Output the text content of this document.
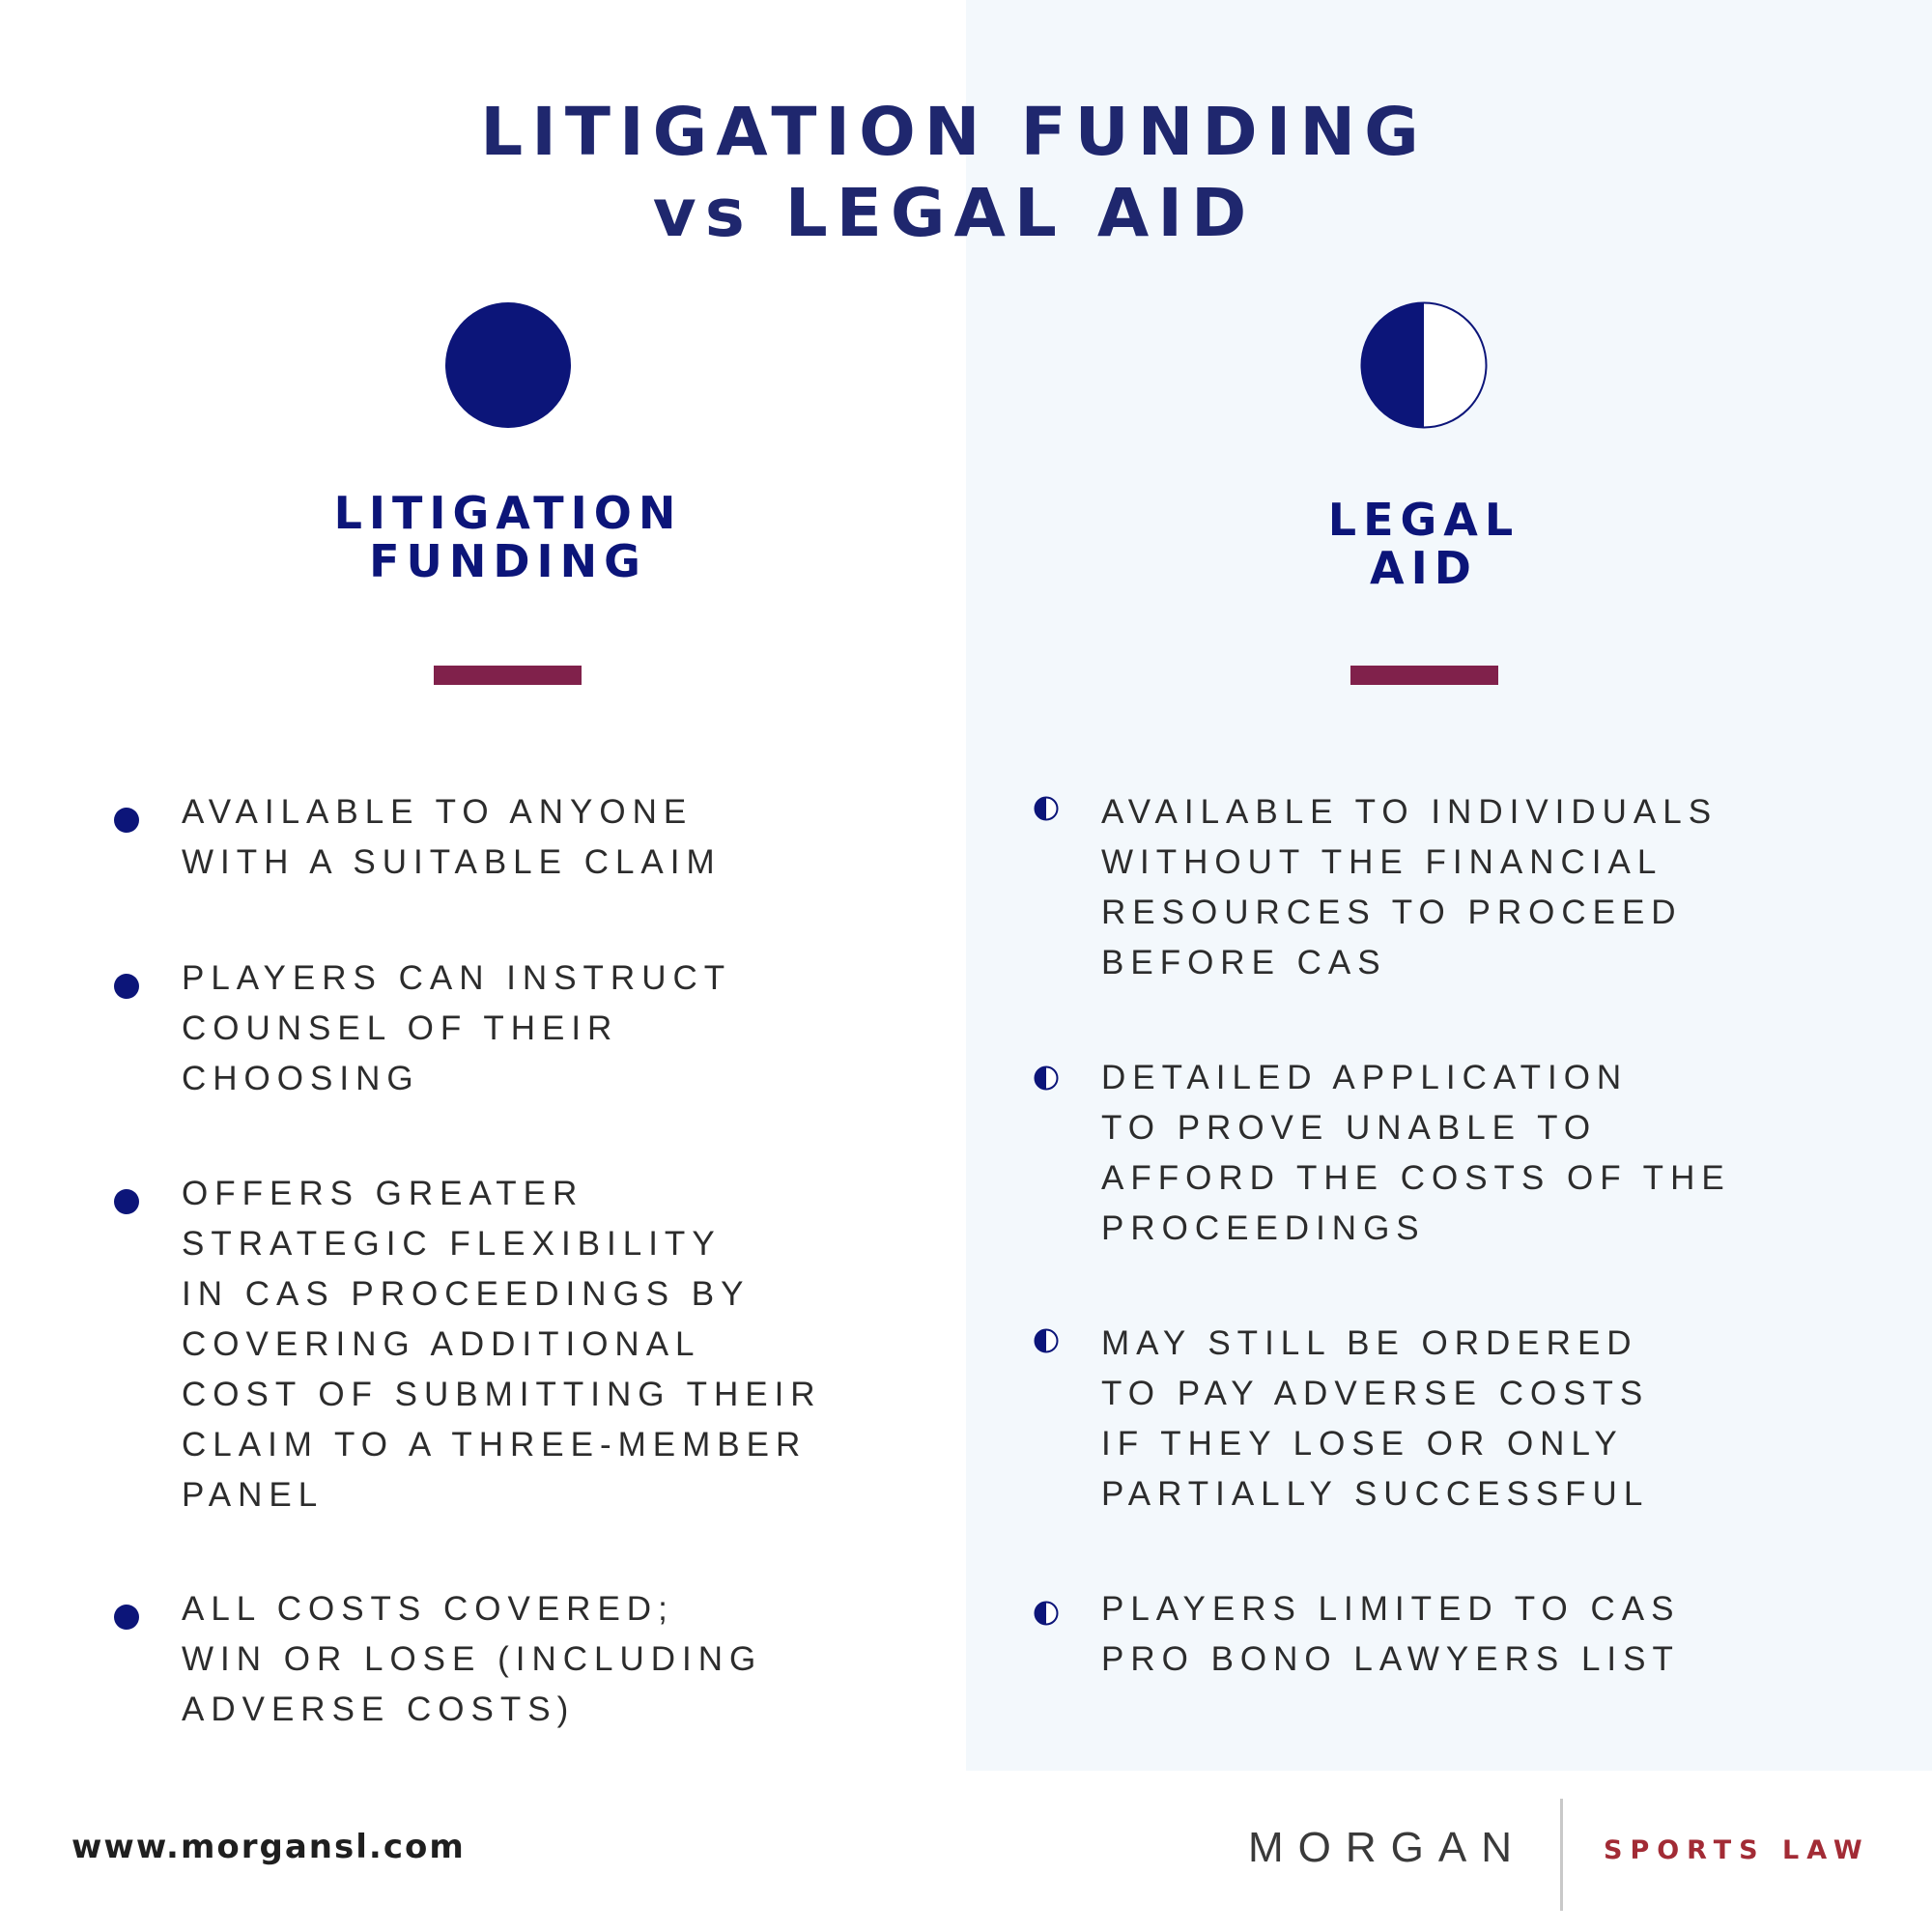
LITIGATION FUNDING
vs LEGAL AID
LITIGATION
FUNDING
LEGAL
AID
AVAILABLE TO ANYONE
WITH A SUITABLE CLAIM
PLAYERS CAN INSTRUCT
COUNSEL OF THEIR
CHOOSING
OFFERS GREATER
STRATEGIC FLEXIBILITY
IN CAS PROCEEDINGS BY
COVERING ADDITIONAL
COST OF SUBMITTING THEIR
CLAIM TO A THREE-MEMBER
PANEL
ALL COSTS COVERED;
WIN OR LOSE (INCLUDING
ADVERSE COSTS)
AVAILABLE TO INDIVIDUALS
WITHOUT THE FINANCIAL
RESOURCES TO PROCEED
BEFORE CAS
DETAILED APPLICATION
TO PROVE UNABLE TO
AFFORD THE COSTS OF THE
PROCEEDINGS
MAY STILL BE ORDERED
TO PAY ADVERSE COSTS
IF THEY LOSE OR ONLY
PARTIALLY SUCCESSFUL
PLAYERS LIMITED TO CAS
PRO BONO LAWYERS LIST
www.morgansl.com	MORGAN	SPORTS LAW
